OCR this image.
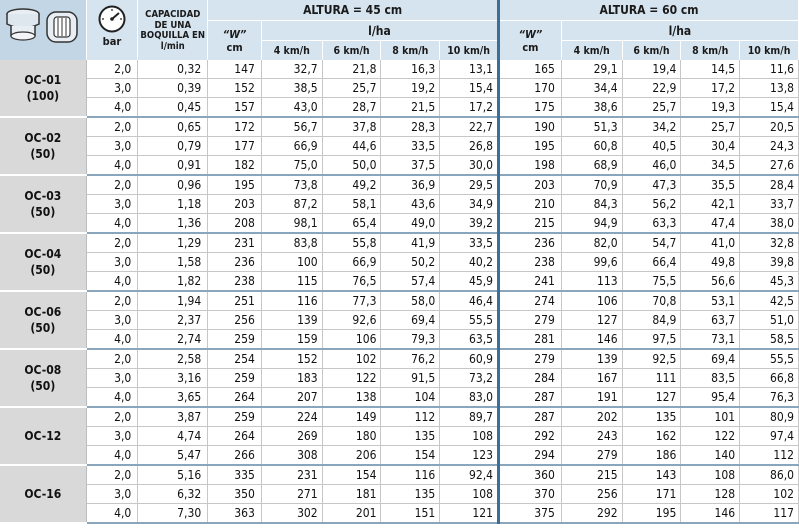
bar	CAPACIDAD DE UNA BOQUILLA EN l/min	ALTURA = 45 cm					ALTURA = 60 cm				
			“W”
cm	l/ha				“W”
cm	l/ha			
				4 km/h	6 km/h	8 km/h	10 km/h		4 km/h	6 km/h	8 km/h	10 km/h

OC-01
(100)												

	2,0	0,32	147	32,7	21,8	16,3	13,1	165	29,1	19,4	14,5	11,6
	3,0	0,39	152	38,5	25,7	19,2	15,4	170	34,4	22,9	17,2	13,8
	4,0	0,45	157	43,0	28,7	21,5	17,2	175	38,6	25,7	19,3	15,4

OC-02
(50)												

	2,0	0,65	172	56,7	37,8	28,3	22,7	190	51,3	34,2	25,7	20,5
	3,0	0,79	177	66,9	44,6	33,5	26,8	195	60,8	40,5	30,4	24,3
	4,0	0,91	182	75,0	50,0	37,5	30,0	198	68,9	46,0	34,5	27,6

OC-03
(50)												

	2,0	0,96	195	73,8	49,2	36,9	29,5	203	70,9	47,3	35,5	28,4
	3,0	1,18	203	87,2	58,1	43,6	34,9	210	84,3	56,2	42,1	33,7
	4,0	1,36	208	98,1	65,4	49,0	39,2	215	94,9	63,3	47,4	38,0

OC-04
(50)												

	2,0	1,29	231	83,8	55,8	41,9	33,5	236	82,0	54,7	41,0	32,8
	3,0	1,58	236	100	66,9	50,2	40,2	238	99,6	66,4	49,8	39,8
	4,0	1,82	238	115	76,5	57,4	45,9	241	113	75,5	56,6	45,3

OC-06
(50)												

	2,0	1,94	251	116	77,3	58,0	46,4	274	106	70,8	53,1	42,5
	3,0	2,37	256	139	92,6	69,4	55,5	279	127	84,9	63,7	51,0
	4,0	2,74	259	159	106	79,3	63,5	281	146	97,5	73,1	58,5

OC-08
(50)												

	2,0	2,58	254	152	102	76,2	60,9	279	139	92,5	69,4	55,5
	3,0	3,16	259	183	122	91,5	73,2	284	167	111	83,5	66,8
	4,0	3,65	264	207	138	104	83,0	287	191	127	95,4	76,3

OC-12												

	2,0	3,87	259	224	149	112	89,7	287	202	135	101	80,9
	3,0	4,74	264	269	180	135	108	292	243	162	122	97,4
	4,0	5,47	266	308	206	154	123	294	279	186	140	112

OC-16												

	2,0	5,16	335	231	154	116	92,4	360	215	143	108	86,0
	3,0	6,32	350	271	181	135	108	370	256	171	128	102
	4,0	7,30	363	302	201	151	121	375	292	195	146	117
